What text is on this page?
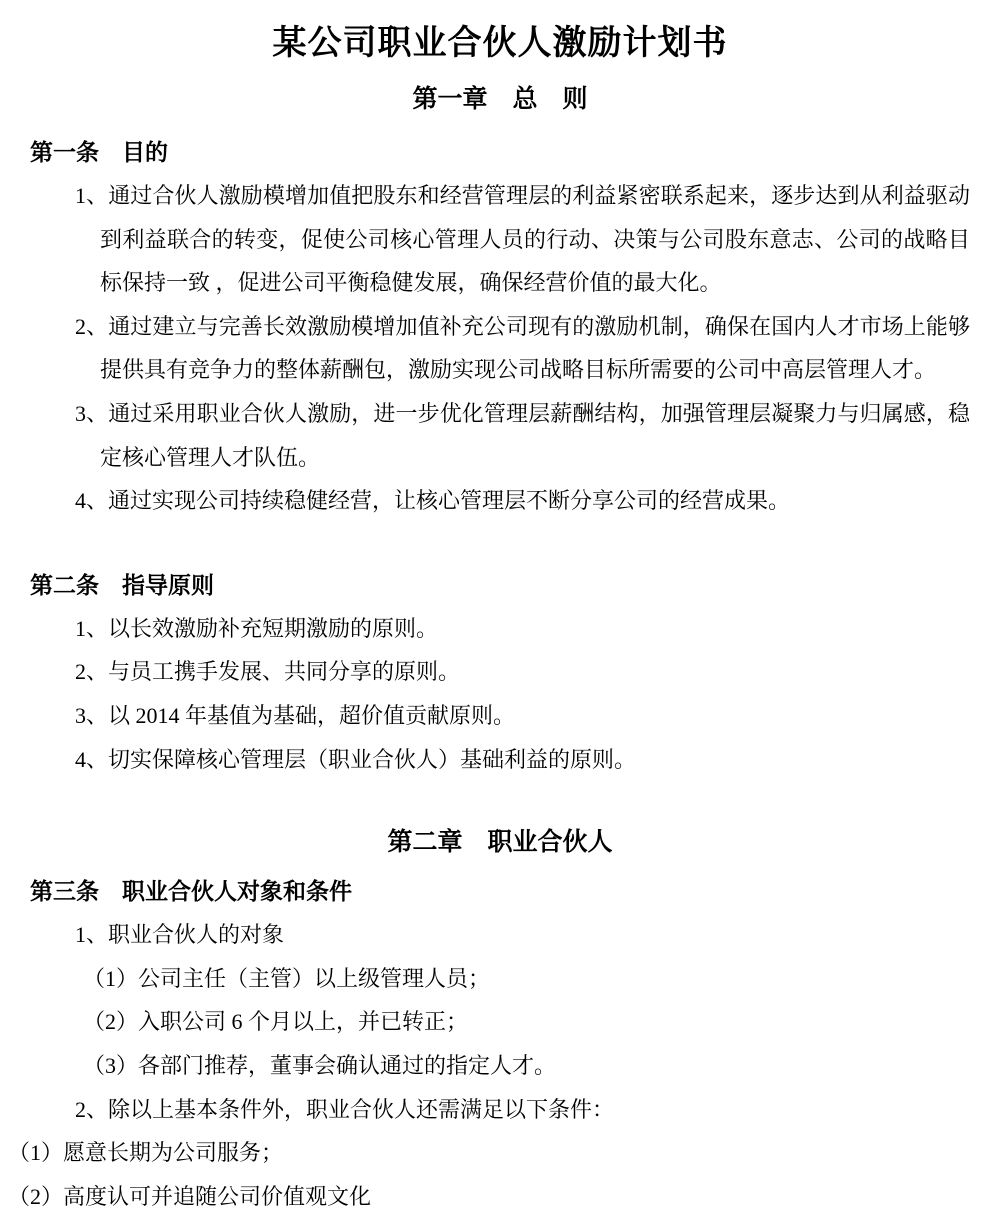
某公司职业合伙人激励计划书
第一章　总　则
第一条　目的

1、通过合伙人激励模增加值把股东和经营管理层的利益紧密联系起来，逐步达到从利益驱动到利益联合的转变，促使公司核心管理人员的行动、决策与公司股东意志、公司的战略目标保持一致 ，促进公司平衡稳健发展，确保经营价值的最大化。

2、通过建立与完善长效激励模增加值补充公司现有的激励机制，确保在国内人才市场上能够提供具有竞争力的整体薪酬包，激励实现公司战略目标所需要的公司中高层管理人才。

3、通过采用职业合伙人激励，进一步优化管理层薪酬结构，加强管理层凝聚力与归属感，稳定核心管理人才队伍。

4、通过实现公司持续稳健经营，让核心管理层不断分享公司的经营成果。

第二条　指导原则

1、以长效激励补充短期激励的原则。

2、与员工携手发展、共同分享的原则。

3、以 2014 年基值为基础，超价值贡献原则。

4、切实保障核心管理层（职业合伙人）基础利益的原则。

第二章　职业合伙人
第三条　职业合伙人对象和条件

1、职业合伙人的对象

（1）公司主任（主管）以上级管理人员；

（2）入职公司 6 个月以上，并已转正；

（3）各部门推荐，董事会确认通过的指定人才。

2、除以上基本条件外，职业合伙人还需满足以下条件：

（1）愿意长期为公司服务；

（2）高度认可并追随公司价值观文化
